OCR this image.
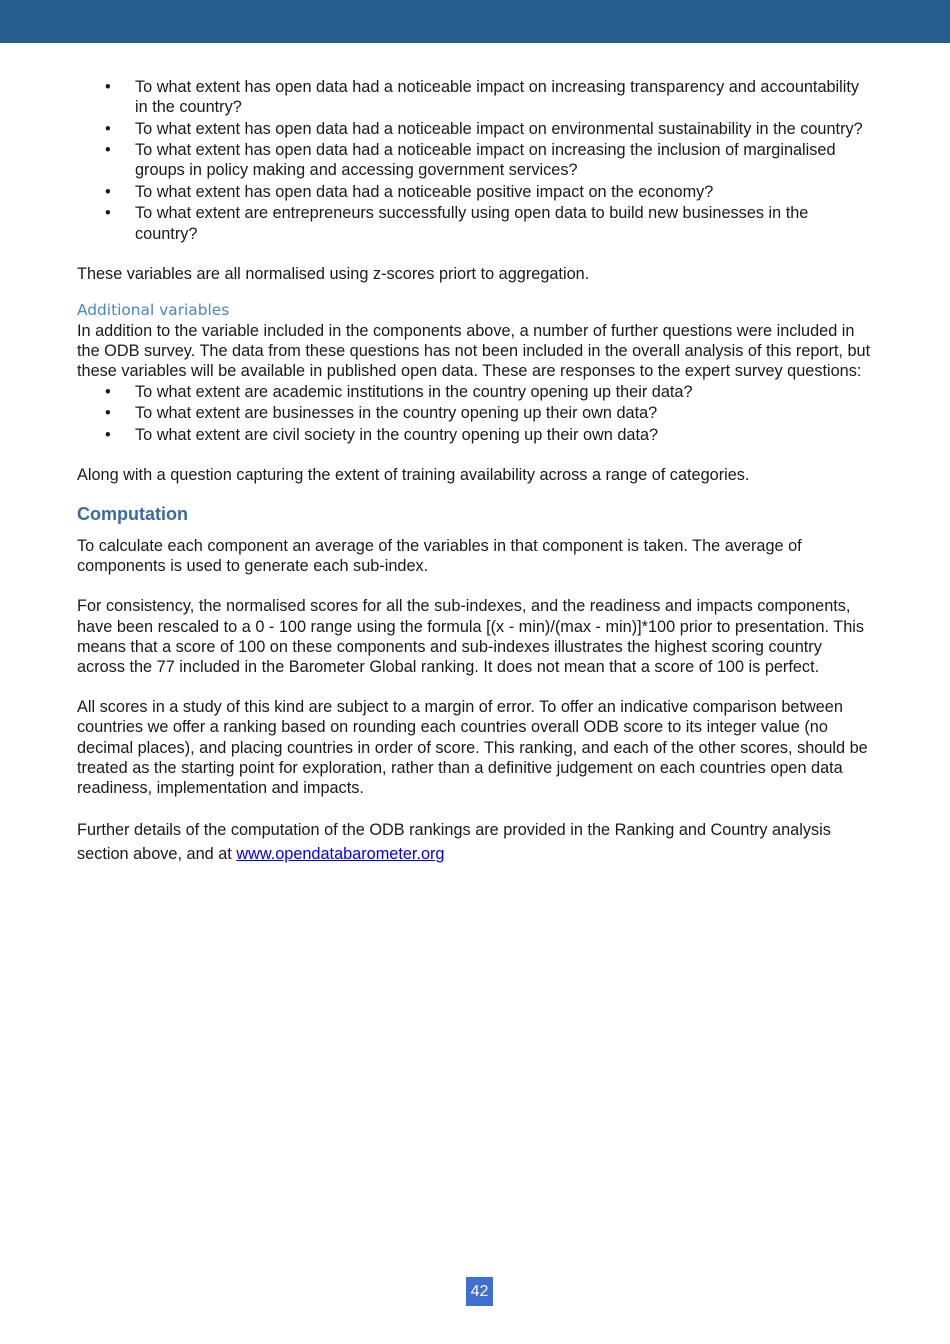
• To what extent has open data had a noticeable impact on increasing transparency and accountability in the country?
• To what extent has open data had a noticeable impact on environmental sustainability in the country?
• To what extent has open data had a noticeable impact on increasing the inclusion of marginalised groups in policy making and accessing government services?
• To what extent has open data had a noticeable positive impact on the economy?
• To what extent are entrepreneurs successfully using open data to build new businesses in the country?

These variables are all normalised using z-scores priort to aggregation.

Additional variables

In addition to the variable included in the components above, a number of further questions were included in the ODB survey. The data from these questions has not been included in the overall analysis of this report, but these variables will be available in published open data. These are responses to the expert survey questions:

• To what extent are academic institutions in the country opening up their data?
• To what extent are businesses in the country opening up their own data?
• To what extent are civil society in the country opening up their own data?

Along with a question capturing the extent of training availability across a range of categories.

Computation

To calculate each component an average of the variables in that component is taken. The average of components is used to generate each sub-index.

For consistency, the normalised scores for all the sub-indexes, and the readiness and impacts components, have been rescaled to a 0 - 100 range using the formula [(x - min)/(max - min)]*100 prior to presentation. This means that a score of 100 on these components and sub-indexes illustrates the highest scoring country across the 77 included in the Barometer Global ranking. It does not mean that a score of 100 is perfect.

All scores in a study of this kind are subject to a margin of error. To offer an indicative comparison between countries we offer a ranking based on rounding each countries overall ODB score to its integer value (no decimal places), and placing countries in order of score. This ranking, and each of the other scores, should be treated as the starting point for exploration, rather than a definitive judgement on each countries open data readiness, implementation and impacts.

Further details of the computation of the ODB rankings are provided in the Ranking and Country analysis section above, and at www.opendatabarometer.org

42
